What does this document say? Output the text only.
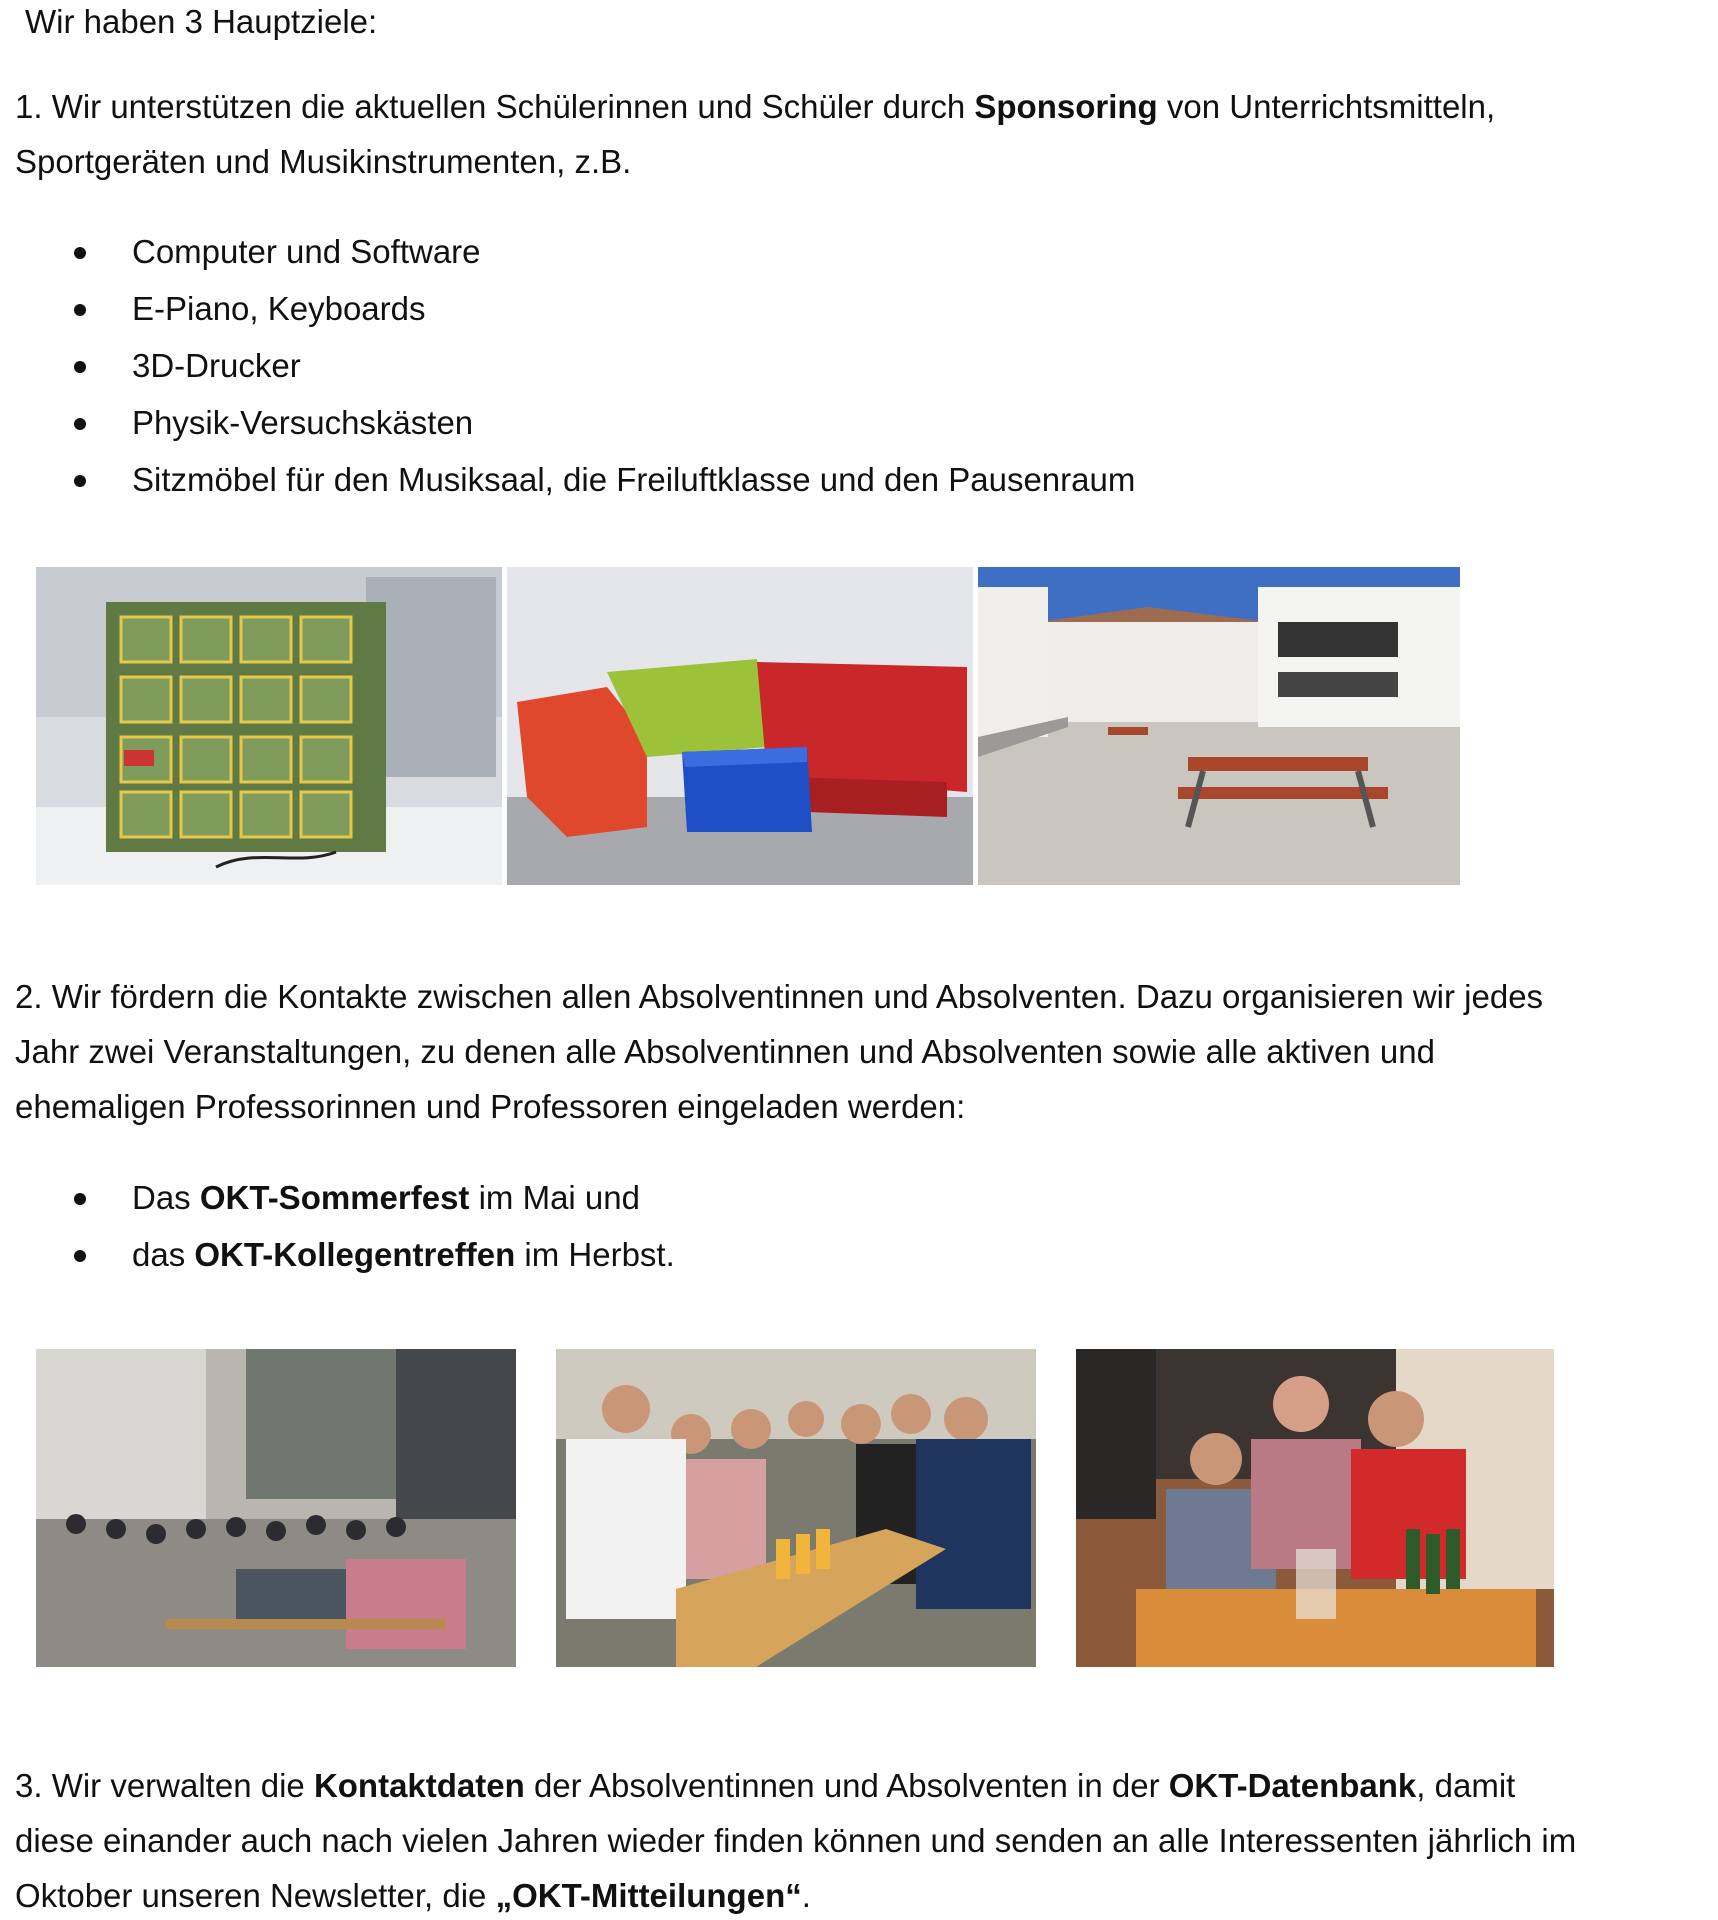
Wir haben 3 Hauptziele:

1. Wir unterstützen die aktuellen Schülerinnen und Schüler durch Sponsoring von Unterrichtsmitteln,

Sportgeräten und Musikinstrumenten, z.B.

Computer und Software
E-Piano, Keyboards
3D-Drucker
Physik-Versuchskästen
Sitzmöbel für den Musiksaal, die Freiluftklasse und den Pausenraum

2. Wir fördern die Kontakte zwischen allen Absolventinnen und Absolventen. Dazu organisieren wir jedes

Jahr zwei Veranstaltungen, zu denen alle Absolventinnen und Absolventen sowie alle aktiven und

ehemaligen Professorinnen und Professoren eingeladen werden:

Das OKT-Sommerfest im Mai und
das OKT-Kollegentreffen im Herbst.

3. Wir verwalten die Kontaktdaten der Absolventinnen und Absolventen in der OKT-Datenbank, damit

diese einander auch nach vielen Jahren wieder finden können und senden an alle Interessenten jährlich im

Oktober unseren Newsletter, die „OKT-Mitteilungen“.
